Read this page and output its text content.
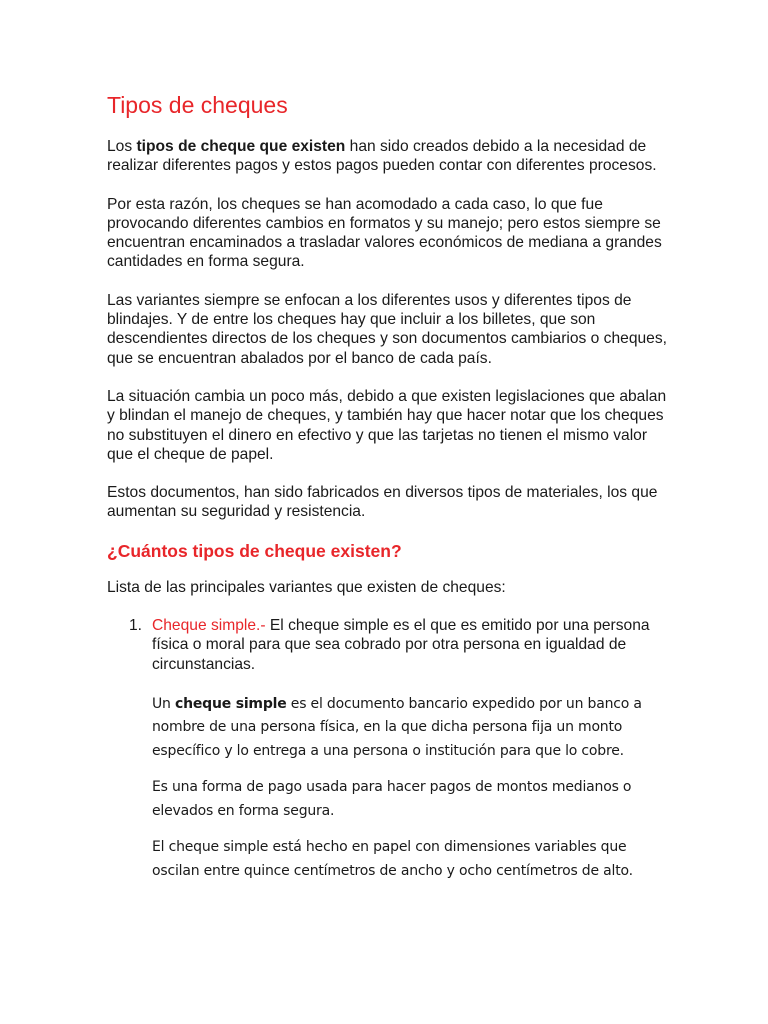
Tipos de cheques

Los tipos de cheque que existen han sido creados debido a la necesidad de realizar diferentes pagos y estos pagos pueden contar con diferentes procesos.

Por esta razón, los cheques se han acomodado a cada caso, lo que fue provocando diferentes cambios en formatos y su manejo; pero estos siempre se encuentran encaminados a trasladar valores económicos de mediana a grandes cantidades en forma segura.

Las variantes siempre se enfocan a los diferentes usos y diferentes tipos de blindajes. Y de entre los cheques hay que incluir a los billetes, que son descendientes directos de los cheques y son documentos cambiarios o cheques, que se encuentran abalados por el banco de cada país.

La situación cambia un poco más, debido a que existen legislaciones que abalan y blindan el manejo de cheques, y también hay que hacer notar que los cheques no substituyen el dinero en efectivo y que las tarjetas no tienen el mismo valor que el cheque de papel.

Estos documentos, han sido fabricados en diversos tipos de materiales, los que aumentan su seguridad y resistencia.

¿Cuántos tipos de cheque existen?

Lista de las principales variantes que existen de cheques:

1. Cheque simple.- El cheque simple es el que es emitido por una persona física o moral para que sea cobrado por otra persona en igualdad de circunstancias.

Un cheque simple es el documento bancario expedido por un banco a nombre de una persona física, en la que dicha persona fija un monto específico y lo entrega a una persona o institución para que lo cobre.

Es una forma de pago usada para hacer pagos de montos medianos o elevados en forma segura.

El cheque simple está hecho en papel con dimensiones variables que oscilan entre quince centímetros de ancho y ocho centímetros de alto.
